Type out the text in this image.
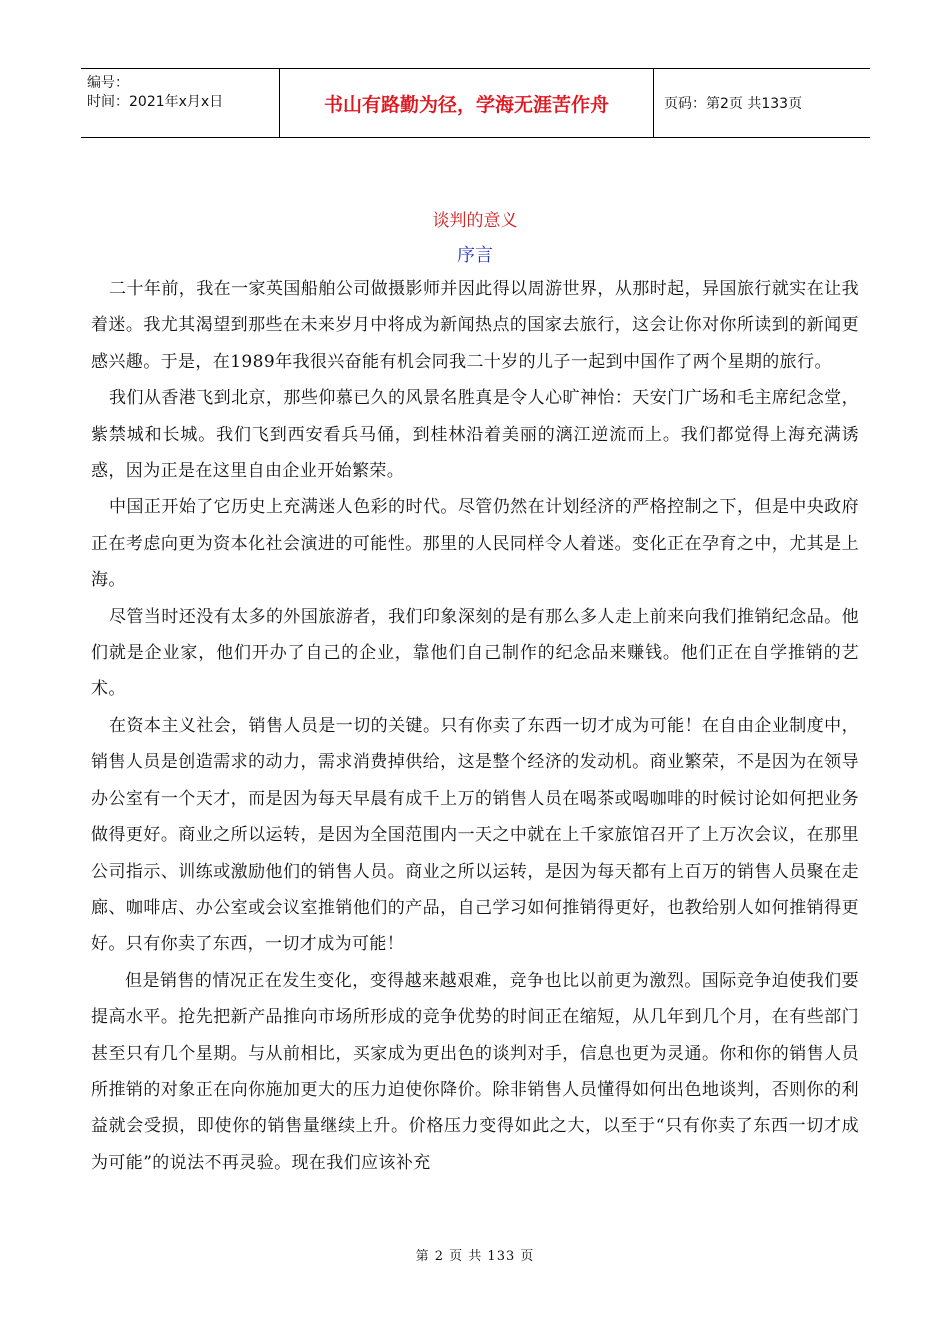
编号：
时间：2021年x月x日	书山有路勤为径，学海无涯苦作舟	页码：第2页 共133页
谈判的意义
序言

二十年前，我在一家英国船舶公司做摄影师并因此得以周游世界，从那时起，异国旅行就实在让我着迷。我尤其渴望到那些在未来岁月中将成为新闻热点的国家去旅行，这会让你对你所读到的新闻更感兴趣。于是，在1989年我很兴奋能有机会同我二十岁的儿子一起到中国作了两个星期的旅行。

我们从香港飞到北京，那些仰慕已久的风景名胜真是令人心旷神怡：天安门广场和毛主席纪念堂，紫禁城和长城。我们飞到西安看兵马俑，到桂林沿着美丽的漓江逆流而上。我们都觉得上海充满诱惑，因为正是在这里自由企业开始繁荣。

中国正开始了它历史上充满迷人色彩的时代。尽管仍然在计划经济的严格控制之下，但是中央政府正在考虑向更为资本化社会演进的可能性。那里的人民同样令人着迷。变化正在孕育之中，尤其是上海。

尽管当时还没有太多的外国旅游者，我们印象深刻的是有那么多人走上前来向我们推销纪念品。他们就是企业家，他们开办了自己的企业，靠他们自己制作的纪念品来赚钱。他们正在自学推销的艺术。

在资本主义社会，销售人员是一切的关键。只有你卖了东西一切才成为可能！在自由企业制度中，销售人员是创造需求的动力，需求消费掉供给，这是整个经济的发动机。商业繁荣，不是因为在领导办公室有一个天才，而是因为每天早晨有成千上万的销售人员在喝茶或喝咖啡的时候讨论如何把业务做得更好。商业之所以运转，是因为全国范围内一天之中就在上千家旅馆召开了上万次会议，在那里公司指示、训练或激励他们的销售人员。商业之所以运转，是因为每天都有上百万的销售人员聚在走廊、咖啡店、办公室或会议室推销他们的产品，自己学习如何推销得更好，也教给别人如何推销得更好。只有你卖了东西，一切才成为可能！

但是销售的情况正在发生变化，变得越来越艰难，竞争也比以前更为激烈。国际竞争迫使我们要提高水平。抢先把新产品推向市场所形成的竞争优势的时间正在缩短，从几年到几个月，在有些部门甚至只有几个星期。与从前相比，买家成为更出色的谈判对手，信息也更为灵通。你和你的销售人员所推销的对象正在向你施加更大的压力迫使你降价。除非销售人员懂得如何出色地谈判，否则你的利益就会受损，即使你的销售量继续上升。价格压力变得如此之大，以至于“只有你卖了东西一切才成为可能”的说法不再灵验。现在我们应该补充

第 2 页 共 133 页
